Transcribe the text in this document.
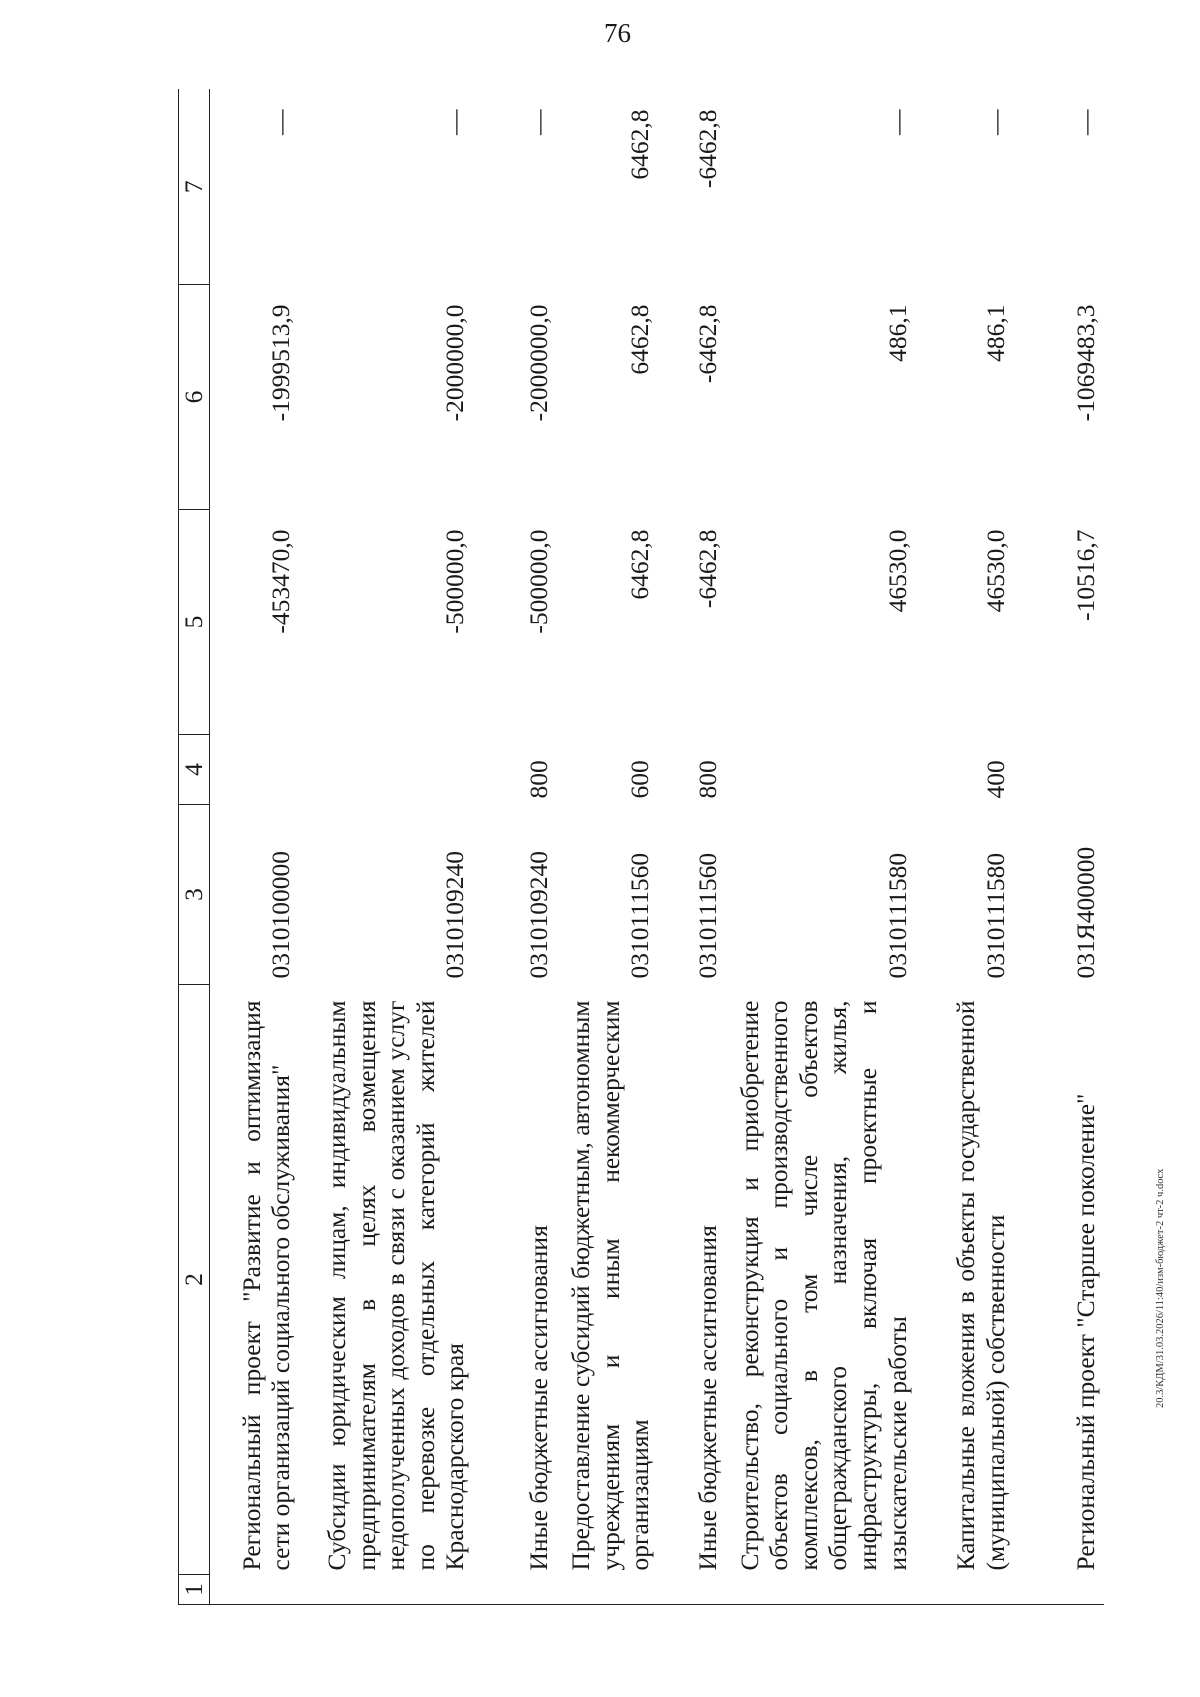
76
1	2	3	4	5	6	7
	Региональный проект "Развитие и оптимизация сети организаций социального обслуживания"	0310100000		-453470,0	-1999513,9	—
	Субсидии юридическим лицам, индивидуальным предпринимателям в целях возмещения недополученных доходов в связи с оказанием услуг по перевозке отдельных категорий жителей Краснодарского края	0310109240		-500000,0	-2000000,0	—
	Иные бюджетные ассигнования	0310109240	800	-500000,0	-2000000,0	—
	Предоставление субсидий бюджетным, автономным учреждениям и иным некоммерческим организациям	0310111560	600	6462,8	6462,8	6462,8
	Иные бюджетные ассигнования	0310111560	800	-6462,8	-6462,8	-6462,8
	Строительство, реконструкция и приобретение объектов социального и производственного комплексов, в том числе объектов общегражданского назначения, жилья, инфраструктуры, включая проектные и изыскательские работы	0310111580		46530,0	486,1	—
	Капитальные вложения в объекты государственной (муниципальной) собственности	0310111580	400	46530,0	486,1	—
	Региональный проект "Старшее поколение"	031Я400000		-10516,7	-1069483,3	—
20.3/КДМ/31.03.2026/11:40/изм-бюджет-2 чт-2 ч.docx
